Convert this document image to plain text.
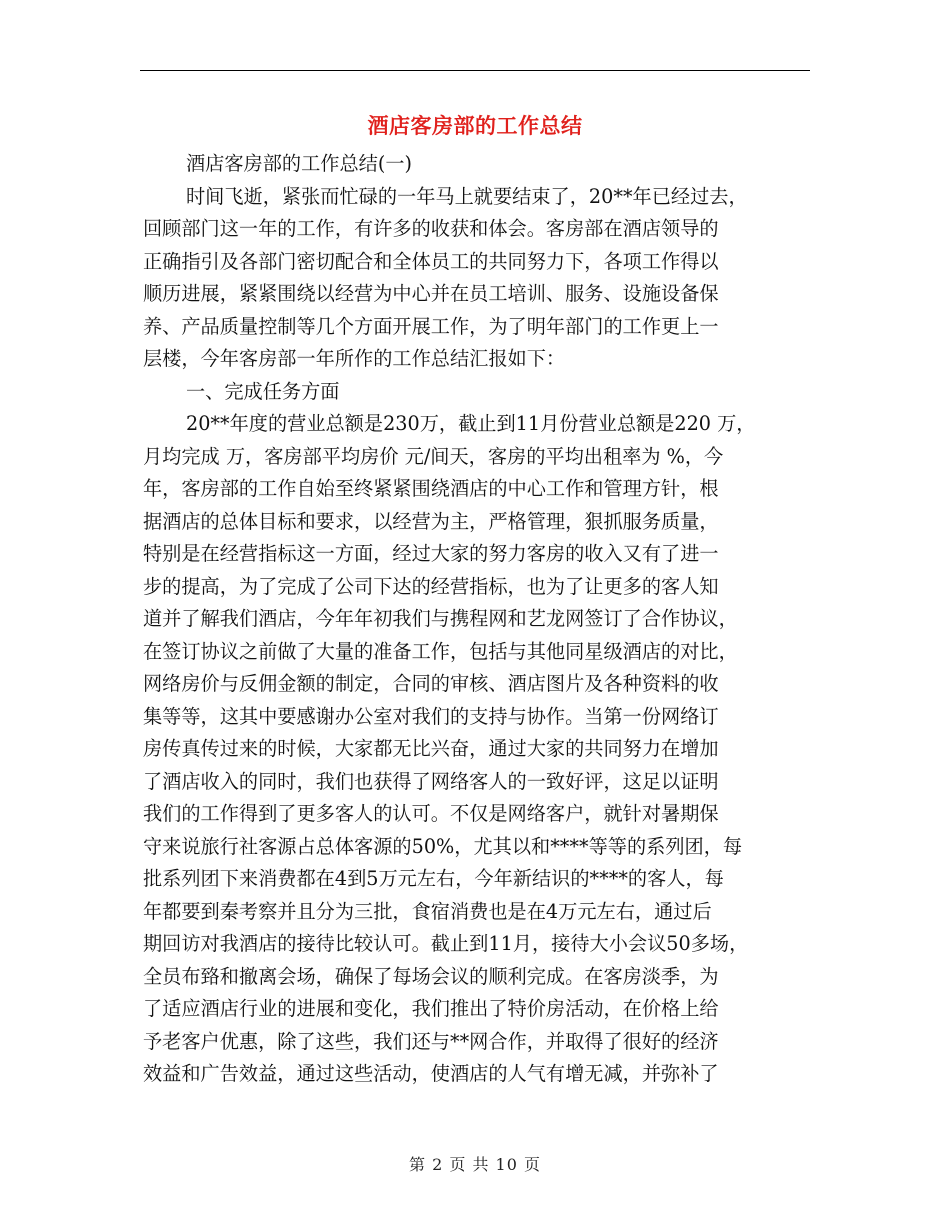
酒店客房部的工作总结
酒店客房部的工作总结(一)
时间飞逝，紧张而忙碌的一年马上就要结束了，20**年已经过去，
回顾部门这一年的工作，有许多的收获和体会。客房部在酒店领导的
正确指引及各部门密切配合和全体员工的共同努力下，各项工作得以
顺历进展，紧紧围绕以经营为中心并在员工培训、服务、设施设备保
养、产品质量控制等几个方面开展工作，为了明年部门的工作更上一
层楼，今年客房部一年所作的工作总结汇报如下：
一、完成任务方面
20**年度的营业总额是230万，截止到11月份营业总额是220 万，
月均完成 万，客房部平均房价 元/间天，客房的平均出租率为 %，今
年，客房部的工作自始至终紧紧围绕酒店的中心工作和管理方针，根
据酒店的总体目标和要求，以经营为主，严格管理，狠抓服务质量，
特别是在经营指标这一方面，经过大家的努力客房的收入又有了进一
步的提高，为了完成了公司下达的经营指标，也为了让更多的客人知
道并了解我们酒店，今年年初我们与携程网和艺龙网签订了合作协议，
在签订协议之前做了大量的准备工作，包括与其他同星级酒店的对比，
网络房价与反佣金额的制定，合同的审核、酒店图片及各种资料的收
集等等，这其中要感谢办公室对我们的支持与协作。当第一份网络订
房传真传过来的时候，大家都无比兴奋，通过大家的共同努力在增加
了酒店收入的同时，我们也获得了网络客人的一致好评，这足以证明
我们的工作得到了更多客人的认可。不仅是网络客户，就针对暑期保
守来说旅行社客源占总体客源的50%，尤其以和****等等的系列团，每
批系列团下来消费都在4到5万元左右，今年新结识的****的客人，每
年都要到秦考察并且分为三批，食宿消费也是在4万元左右，通过后
期回访对我酒店的接待比较认可。截止到11月，接待大小会议50多场，
全员布臵和撤离会场，确保了每场会议的顺利完成。在客房淡季，为
了适应酒店行业的进展和变化，我们推出了特价房活动，在价格上给
予老客户优惠，除了这些，我们还与**网合作，并取得了很好的经济
效益和广告效益，通过这些活动，使酒店的人气有增无减，并弥补了
第 2 页 共 10 页
